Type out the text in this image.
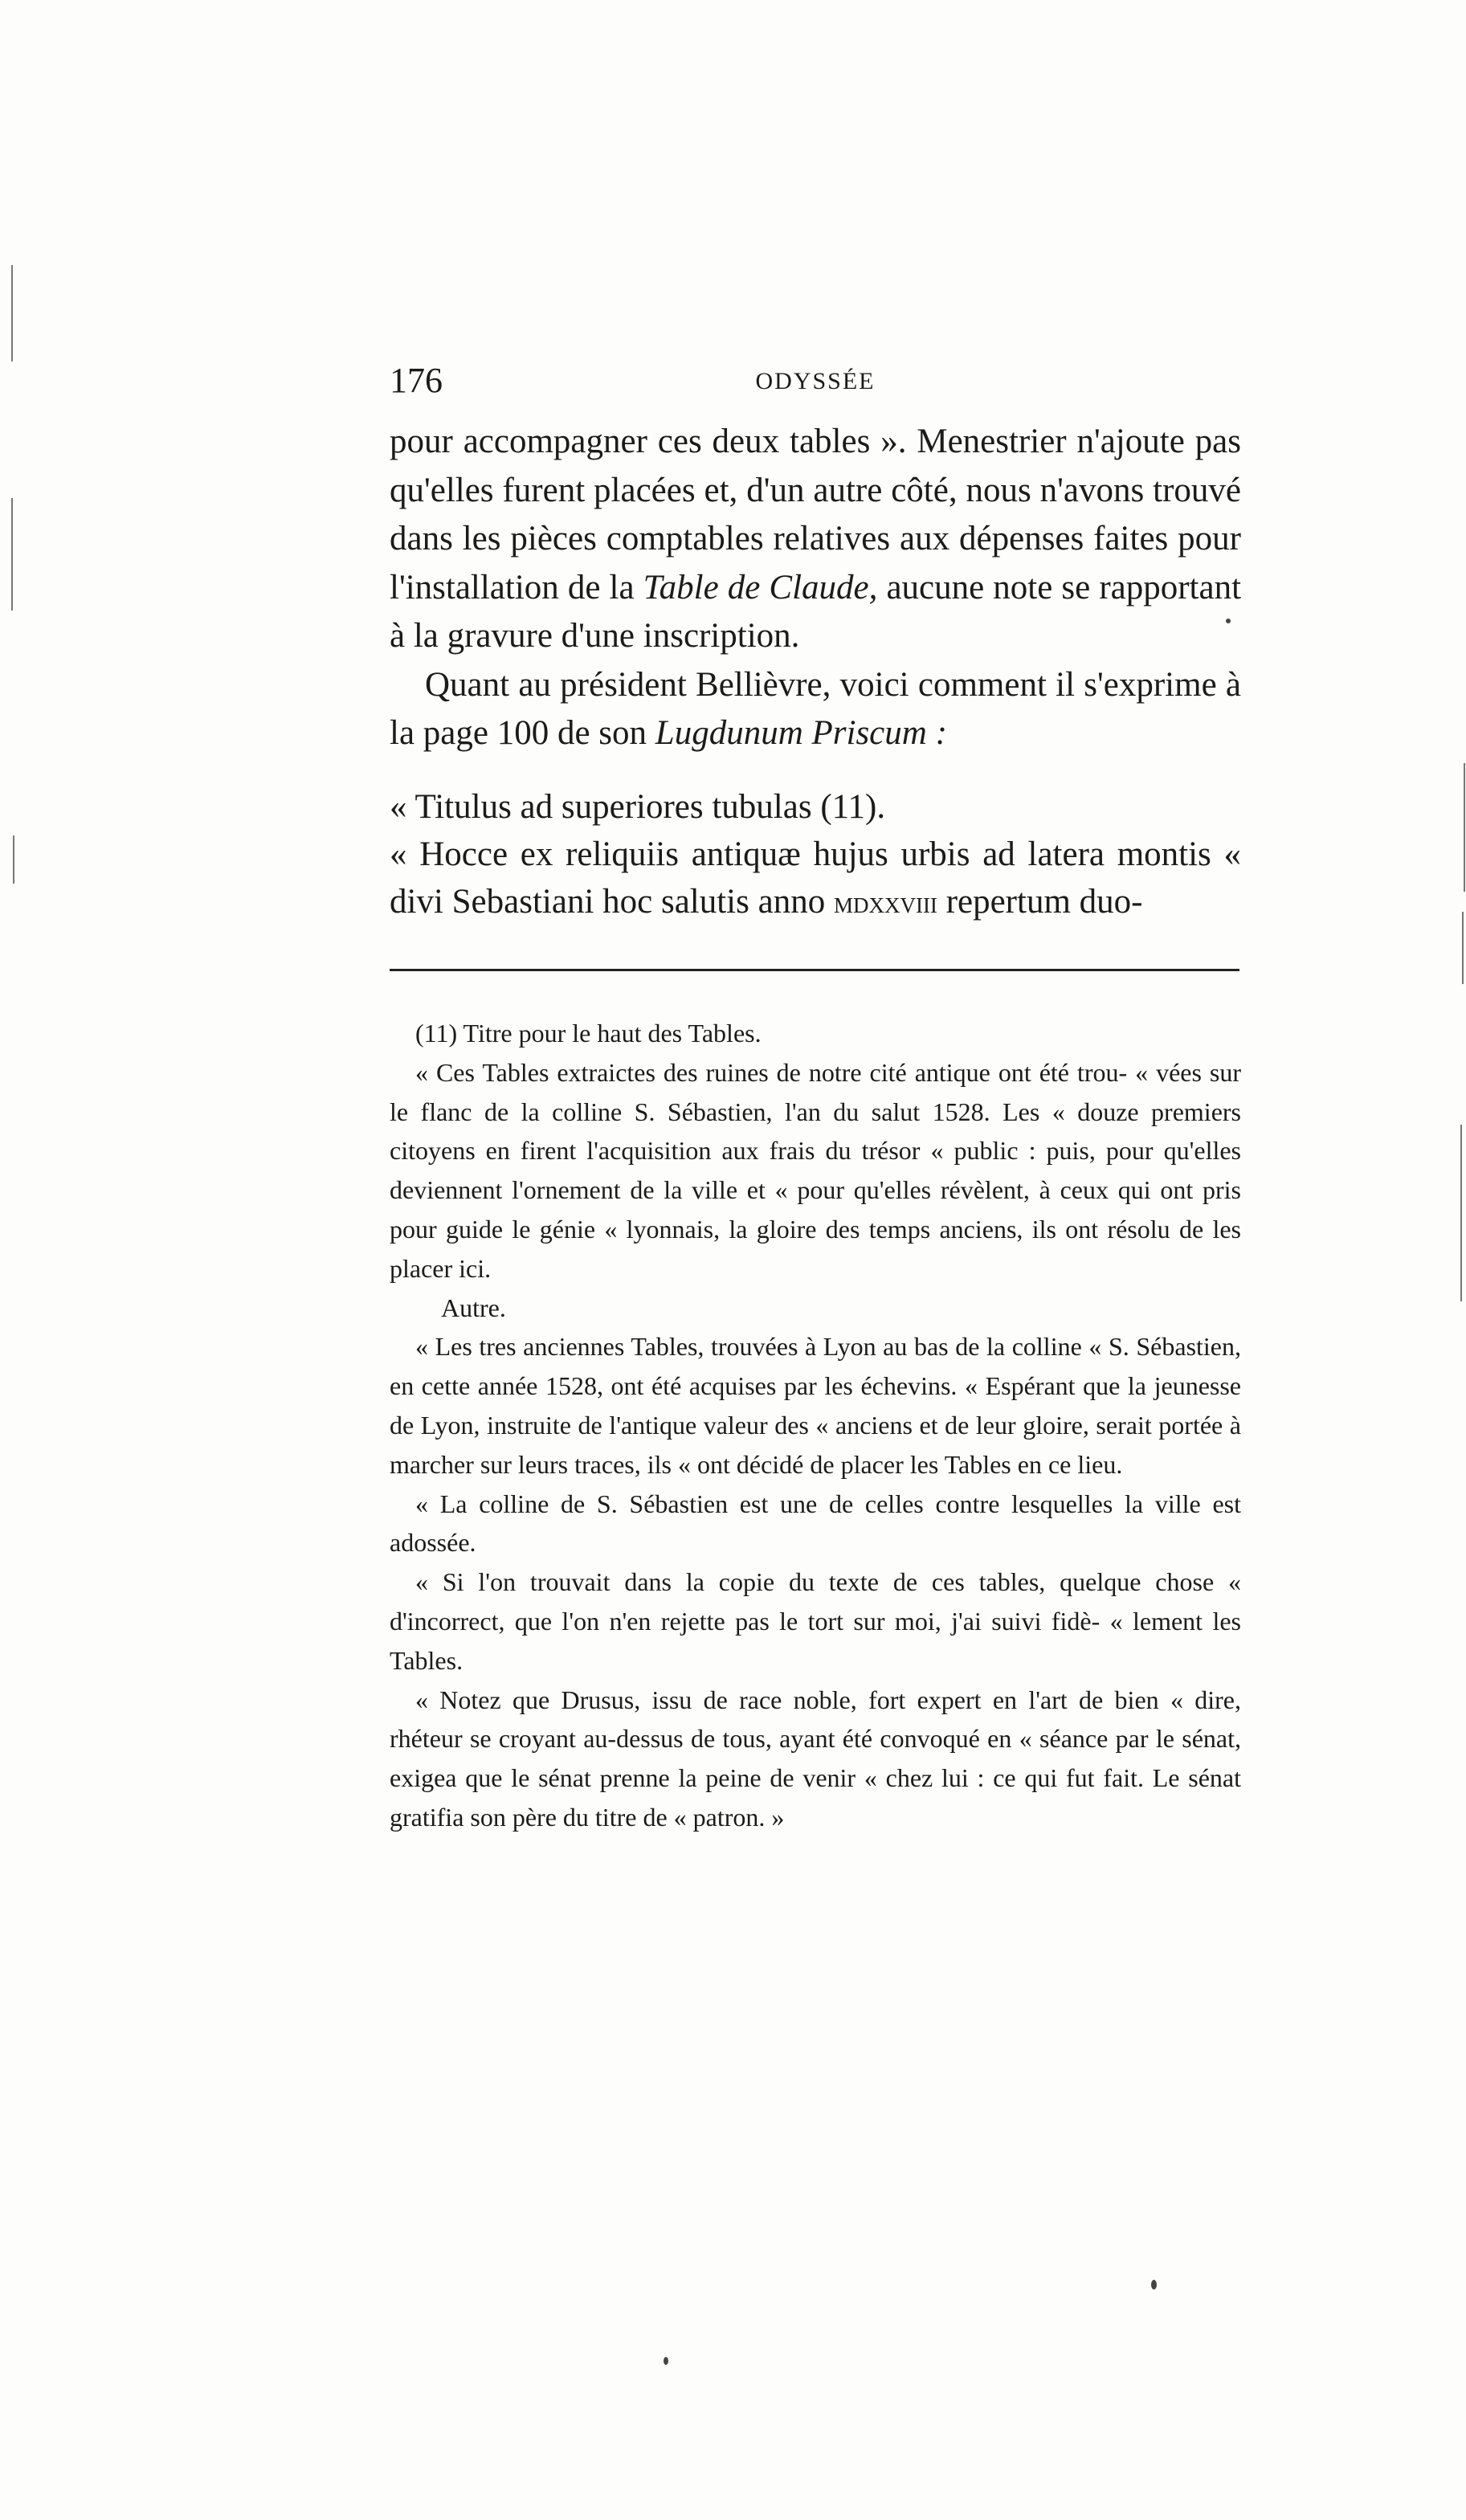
176	ODYSSÉE

pour accompagner ces deux tables ». Menestrier n'ajoute pas qu'elles furent placées et, d'un autre côté, nous n'avons trouvé dans les pièces comptables relatives aux dépenses faites pour l'installation de la Table de Claude, aucune note se rapportant à la gravure d'une inscription.

Quant au président Bellièvre, voici comment il s'exprime à la page 100 de son Lugdunum Priscum :

« Titulus ad superiores tubulas (11).

« Hocce ex reliquiis antiquæ hujus urbis ad latera montis « divi Sebastiani hoc salutis anno mdxxviii repertum duo-

(11) Titre pour le haut des Tables.

« Ces Tables extraictes des ruines de notre cité antique ont été trou- « vées sur le flanc de la colline S. Sébastien, l'an du salut 1528. Les « douze premiers citoyens en firent l'acquisition aux frais du trésor « public : puis, pour qu'elles deviennent l'ornement de la ville et « pour qu'elles révèlent, à ceux qui ont pris pour guide le génie « lyonnais, la gloire des temps anciens, ils ont résolu de les placer ici.

Autre.

« Les tres anciennes Tables, trouvées à Lyon au bas de la colline « S. Sébastien, en cette année 1528, ont été acquises par les échevins. « Espérant que la jeunesse de Lyon, instruite de l'antique valeur des « anciens et de leur gloire, serait portée à marcher sur leurs traces, ils « ont décidé de placer les Tables en ce lieu.

« La colline de S. Sébastien est une de celles contre lesquelles la ville est adossée.

« Si l'on trouvait dans la copie du texte de ces tables, quelque chose « d'incorrect, que l'on n'en rejette pas le tort sur moi, j'ai suivi fidè- « lement les Tables.

« Notez que Drusus, issu de race noble, fort expert en l'art de bien « dire, rhéteur se croyant au-dessus de tous, ayant été convoqué en « séance par le sénat, exigea que le sénat prenne la peine de venir « chez lui : ce qui fut fait. Le sénat gratifia son père du titre de « patron. »
